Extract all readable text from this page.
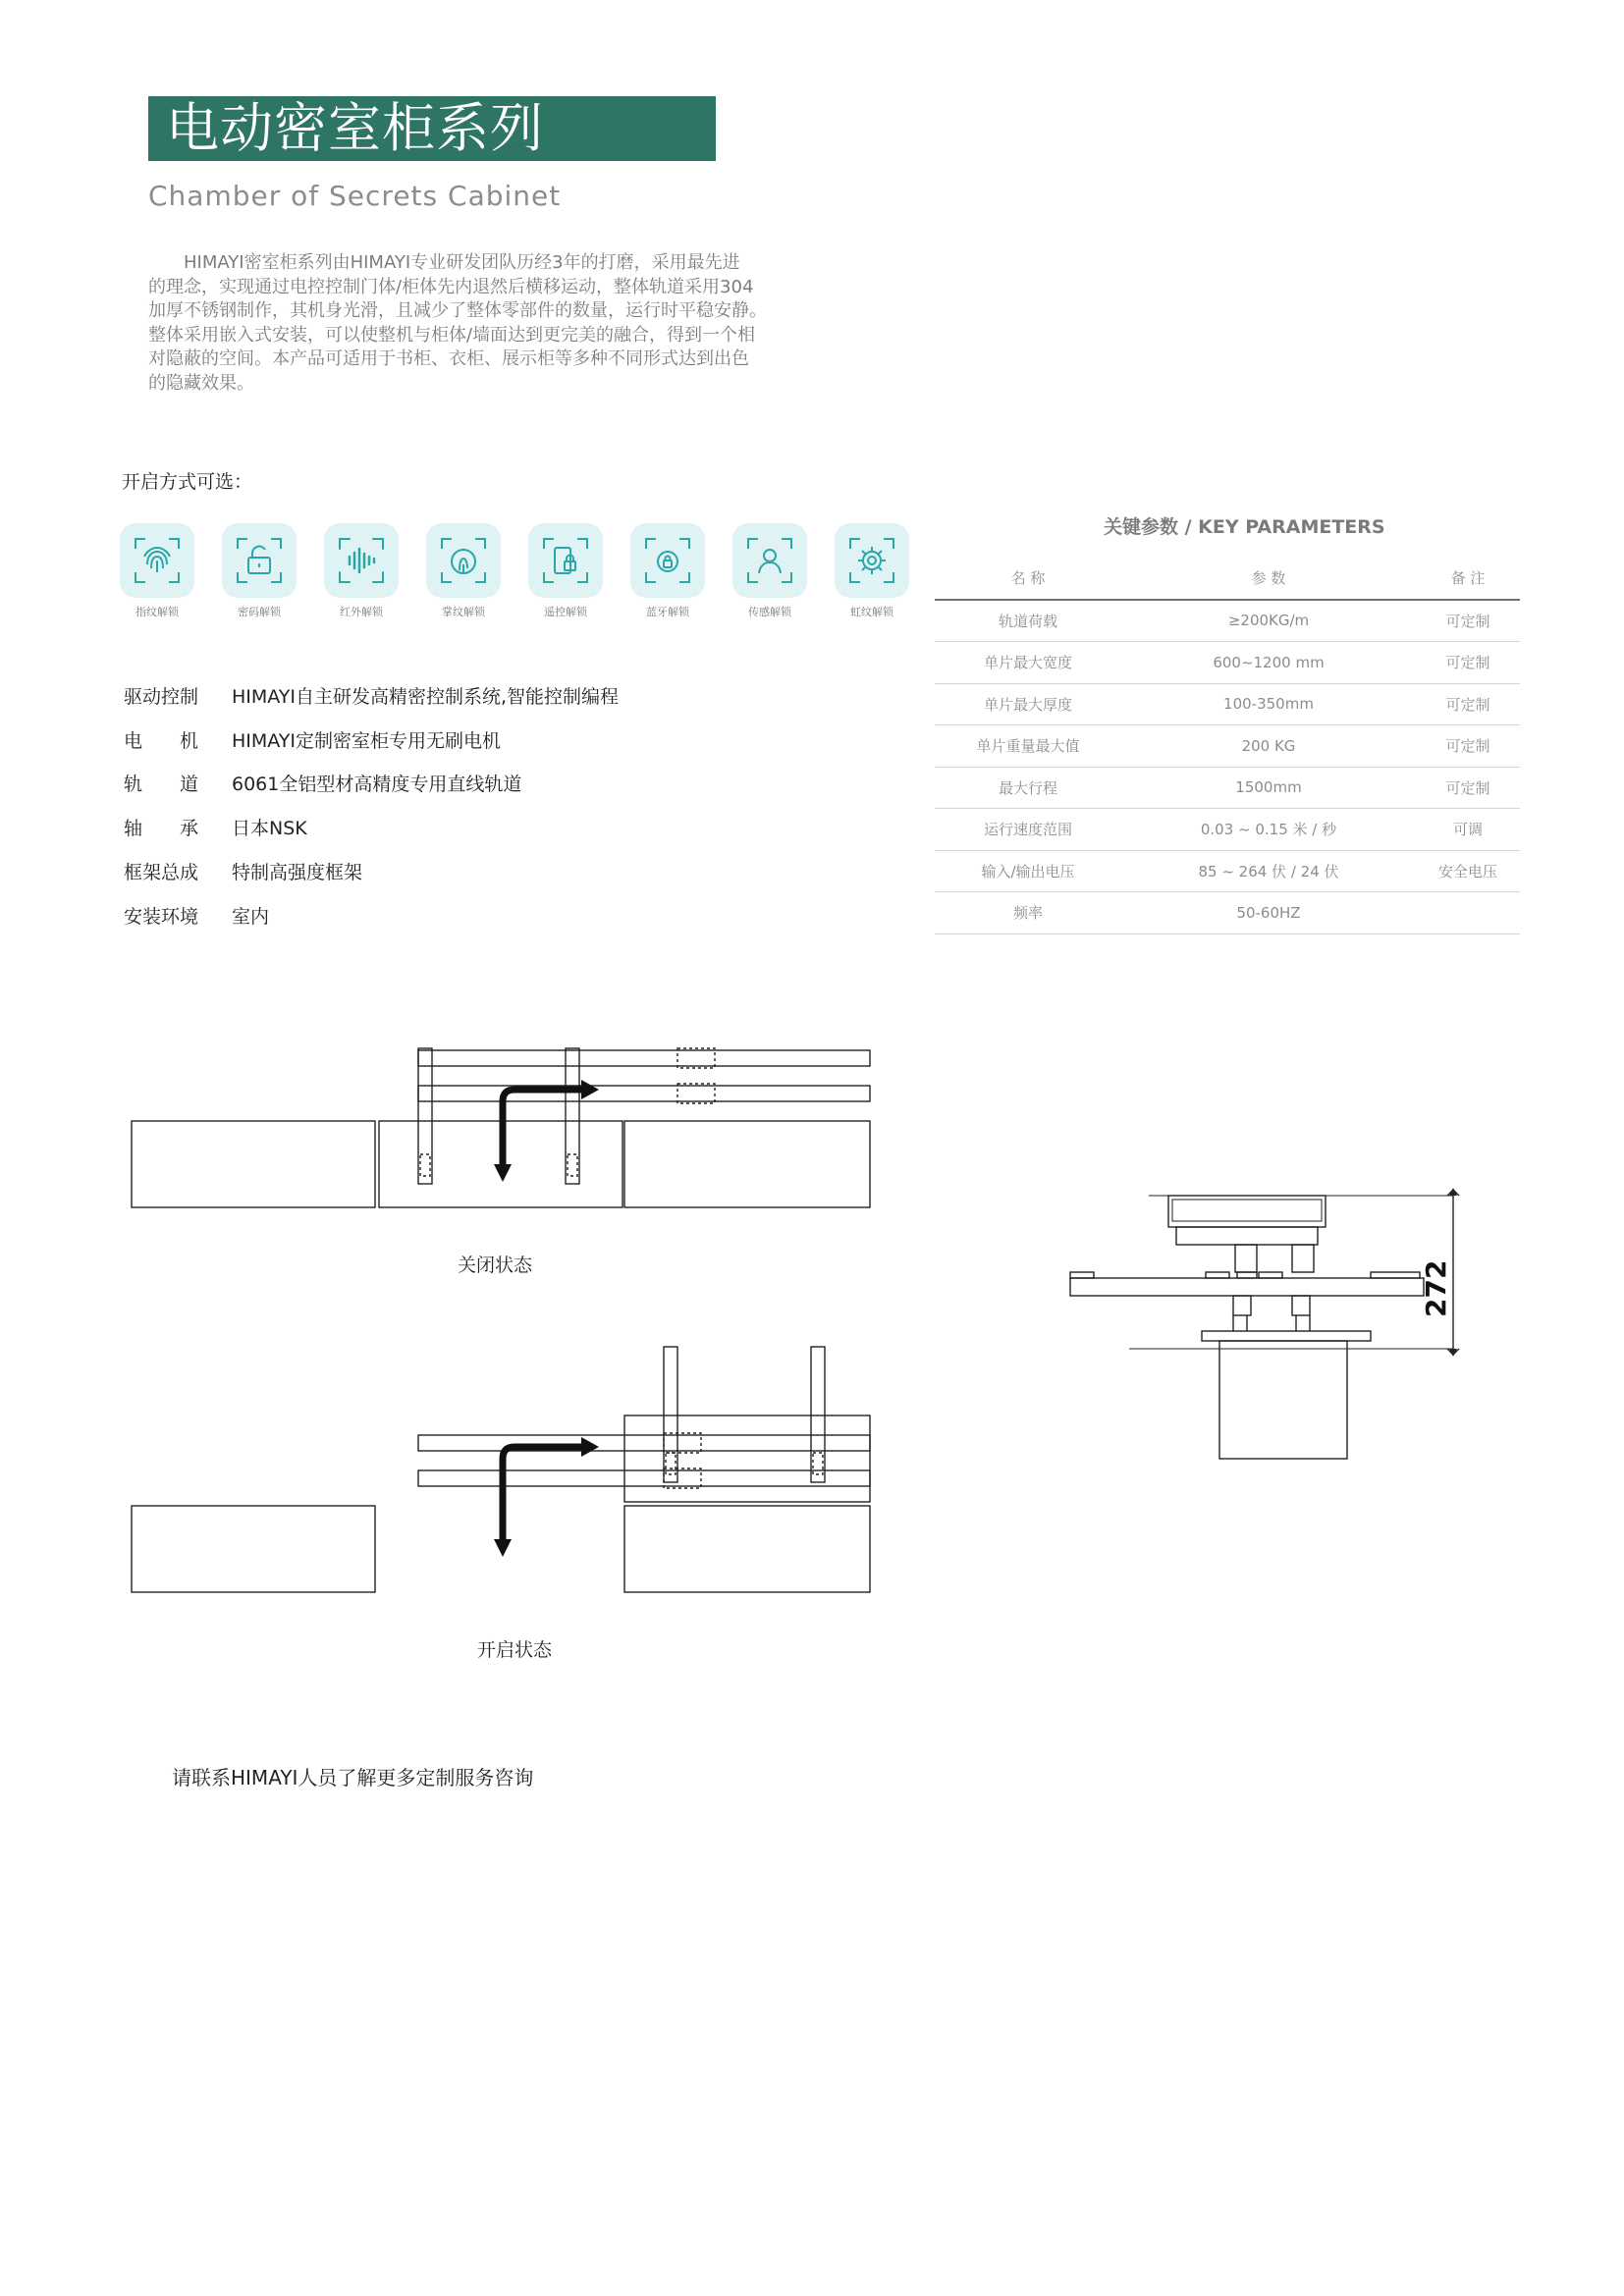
电动密室柜系列
Chamber of Secrets Cabinet

　　HIMAYI密室柜系列由HIMAYI专业研发团队历经3年的打磨，采用最先进

的理念，实现通过电控控制门体/柜体先内退然后横移运动，整体轨道采用304

加厚不锈钢制作，其机身光滑，且减少了整体零部件的数量，运行时平稳安静。

整体采用嵌入式安装，可以使整机与柜体/墙面达到更完美的融合，得到一个相

对隐蔽的空间。本产品可适用于书柜、衣柜、展示柜等多种不同形式达到出色

的隐藏效果。

开启方式可选：
指纹解锁	密码解锁	红外解锁	掌纹解锁	遥控解锁	蓝牙解锁	传感解锁	虹纹解锁
驱动控制	HIMAYI自主研发高精密控制系统,智能控制编程
电　　机	HIMAYI定制密室柜专用无刷电机
轨　　道	6061全铝型材高精度专用直线轨道
轴　　承	日本NSK
框架总成	特制高强度框架
安装环境	室内
关键参数 / KEY PARAMETERS
名 称	参 数	备 注
轨道荷载	≥200KG/m	可定制
单片最大宽度	600~1200 mm	可定制
单片最大厚度	100-350mm	可定制
单片重量最大值	200 KG	可定制
最大行程	1500mm	可定制
运行速度范围	0.03 ~ 0.15 米 / 秒	可调
输入/输出电压	85 ~ 264 伏 / 24 伏	安全电压
频率	50-60HZ
关闭状态
开启状态
272
请联系HIMAYI人员了解更多定制服务咨询
